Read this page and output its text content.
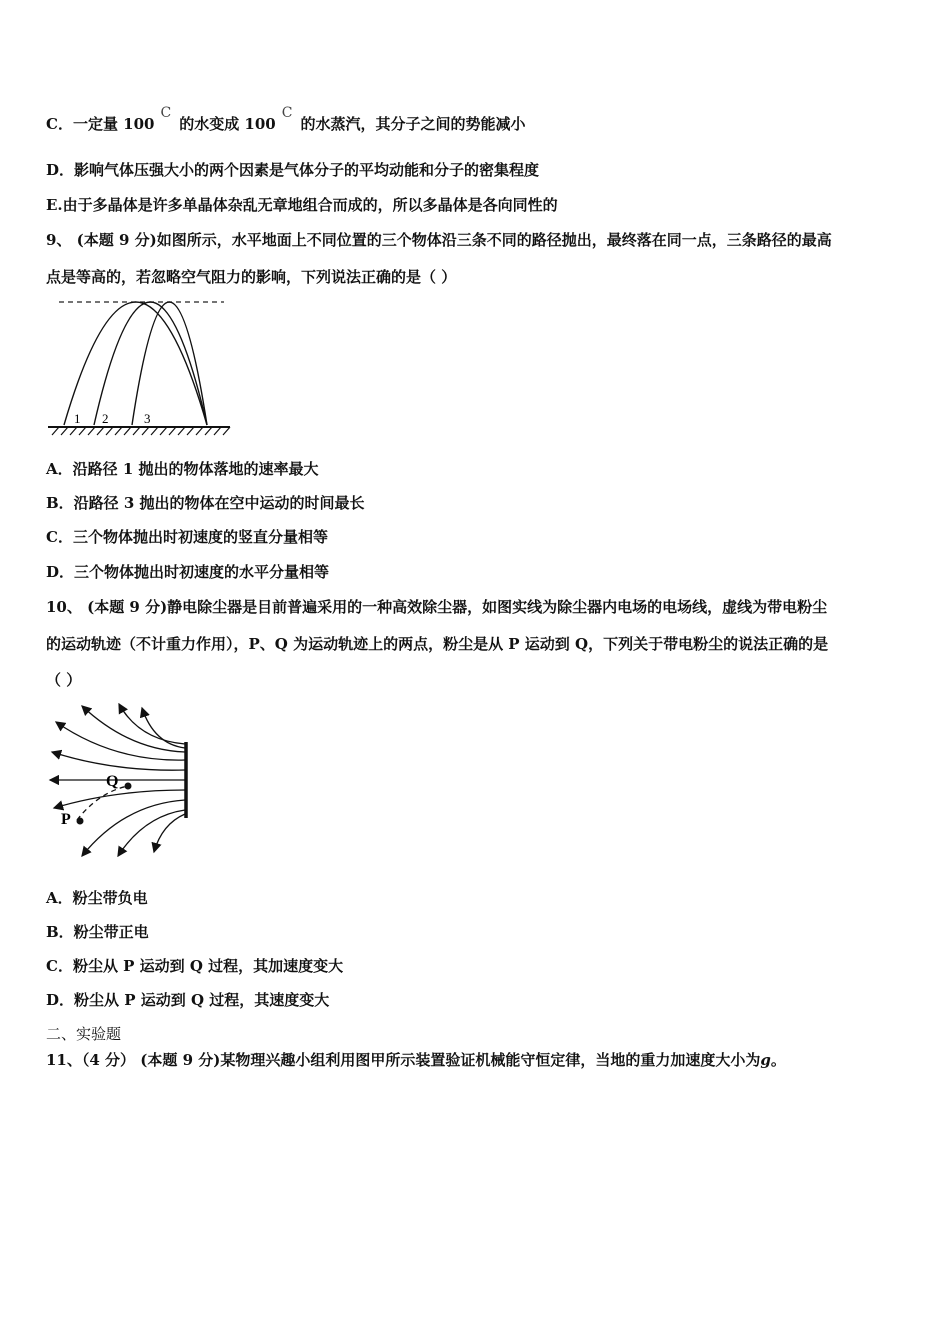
C．一定量 100C的水变成 100C的水蒸汽，其分子之间的势能减小
D．影响气体压强大小的两个因素是气体分子的平均动能和分子的密集程度
E.由于多晶体是许多单晶体杂乱无章地组合而成的，所以多晶体是各向同性的
9、 (本题 9 分)如图所示，水平地面上不同位置的三个物体沿三条不同的路径抛出，最终落在同一点，三条路径的最高
点是等高的，若忽略空气阻力的影响，下列说法正确的是（ ）
1 2	3
A．沿路径 1 抛出的物体落地的速率最大
B．沿路径 3 抛出的物体在空中运动的时间最长
C．三个物体抛出时初速度的竖直分量相等
D．三个物体抛出时初速度的水平分量相等
10、 (本题 9 分)静电除尘器是目前普遍采用的一种高效除尘器，如图实线为除尘器内电场的电场线，虚线为带电粉尘
的运动轨迹（不计重力作用），P、Q 为运动轨迹上的两点，粉尘是从 P 运动到 Q，下列关于带电粉尘的说法正确的是
（ ）
P
Q
A．粉尘带负电
B．粉尘带正电
C．粉尘从 P 运动到 Q 过程，其加速度变大
D．粉尘从 P 运动到 Q 过程，其速度变大
二、实验题
11、（4 分） (本题 9 分)某物理兴趣小组利用图甲所示装置验证机械能守恒定律，当地的重力加速度大小为g。
